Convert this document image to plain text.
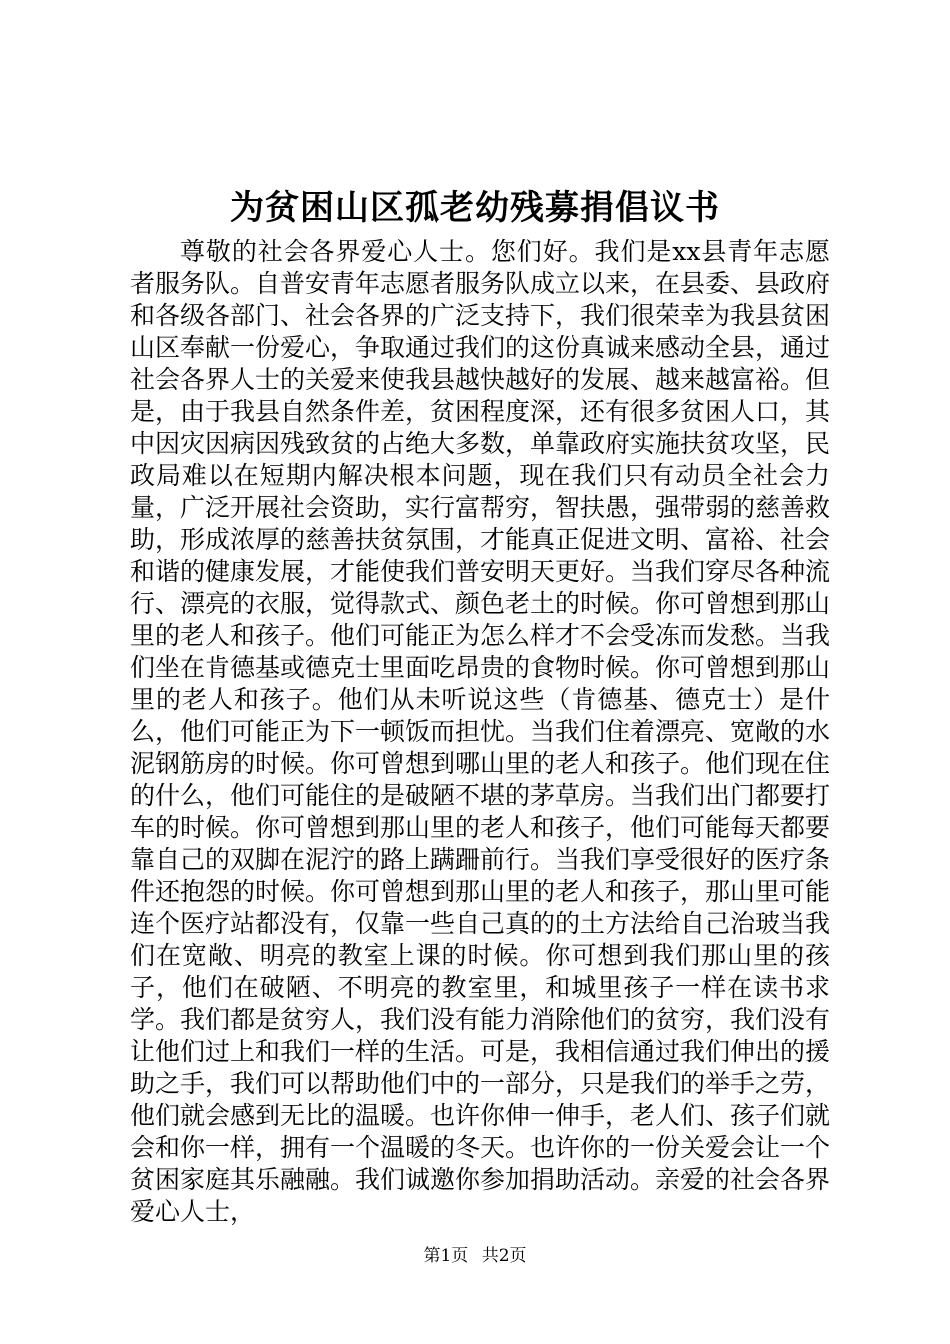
为贫困山区孤老幼残募捐倡议书

尊敬的社会各界爱心人士。您们好。我们是xx县青年志愿者服务队。自普安青年志愿者服务队成立以来，在县委、县政府和各级各部门、社会各界的广泛支持下，我们很荣幸为我县贫困山区奉献一份爱心，争取通过我们的这份真诚来感动全县，通过社会各界人士的关爱来使我县越快越好的发展、越来越富裕。但是，由于我县自然条件差，贫困程度深，还有很多贫困人口，其中因灾因病因残致贫的占绝大多数，单靠政府实施扶贫攻坚，民政局难以在短期内解决根本问题，现在我们只有动员全社会力量，广泛开展社会资助，实行富帮穷，智扶愚，强带弱的慈善救助，形成浓厚的慈善扶贫氛围，才能真正促进文明、富裕、社会和谐的健康发展，才能使我们普安明天更好。当我们穿尽各种流行、漂亮的衣服，觉得款式、颜色老土的时候。你可曾想到那山里的老人和孩子。他们可能正为怎么样才不会受冻而发愁。当我们坐在肯德基或德克士里面吃昂贵的食物时候。你可曾想到那山里的老人和孩子。他们从未听说这些（肯德基、德克士）是什么，他们可能正为下一顿饭而担忧。当我们住着漂亮、宽敞的水泥钢筋房的时候。你可曾想到哪山里的老人和孩子。他们现在住的什么，他们可能住的是破陋不堪的茅草房。当我们出门都要打车的时候。你可曾想到那山里的老人和孩子，他们可能每天都要靠自己的双脚在泥泞的路上蹒跚前行。当我们享受很好的医疗条件还抱怨的时候。你可曾想到那山里的老人和孩子，那山里可能连个医疗站都没有，仅靠一些自己真的的土方法给自己治玻当我们在宽敞、明亮的教室上课的时候。你可想到我们那山里的孩子，他们在破陋、不明亮的教室里，和城里孩子一样在读书求学。我们都是贫穷人，我们没有能力消除他们的贫穷，我们没有让他们过上和我们一样的生活。可是，我相信通过我们伸出的援助之手，我们可以帮助他们中的一部分，只是我们的举手之劳，他们就会感到无比的温暖。也许你伸一伸手，老人们、孩子们就会和你一样，拥有一个温暖的冬天。也许你的一份关爱会让一个贫困家庭其乐融融。我们诚邀你参加捐助活动。亲爱的社会各界爱心人士，

第1页 共2页
